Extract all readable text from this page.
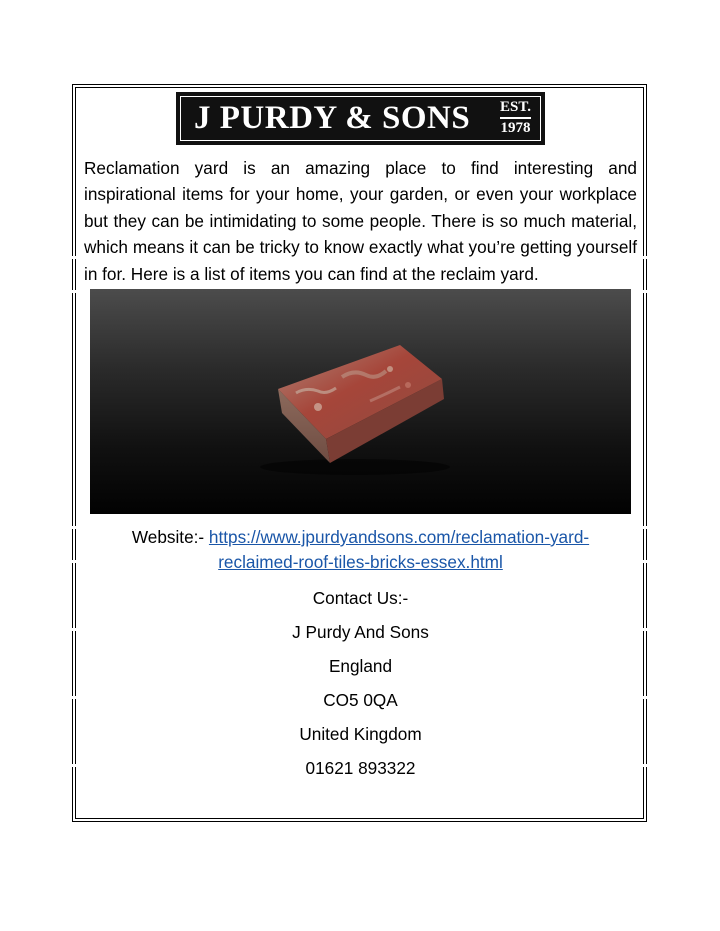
J PURDY & SONS EST.
1978

Reclamation yard is an amazing place to find interesting and inspirational items for your home, your garden, or even your workplace but they can be intimidating to some people. There is so much material, which means it can be tricky to know exactly what you’re getting yourself in for. Here is a list of items you can find at the reclaim yard.

Website:- https://www.jpurdyandsons.com/reclamation-yard-
reclaimed-roof-tiles-bricks-essex.html
Contact Us:-
J Purdy And Sons
England
CO5 0QA
United Kingdom
01621 893322
